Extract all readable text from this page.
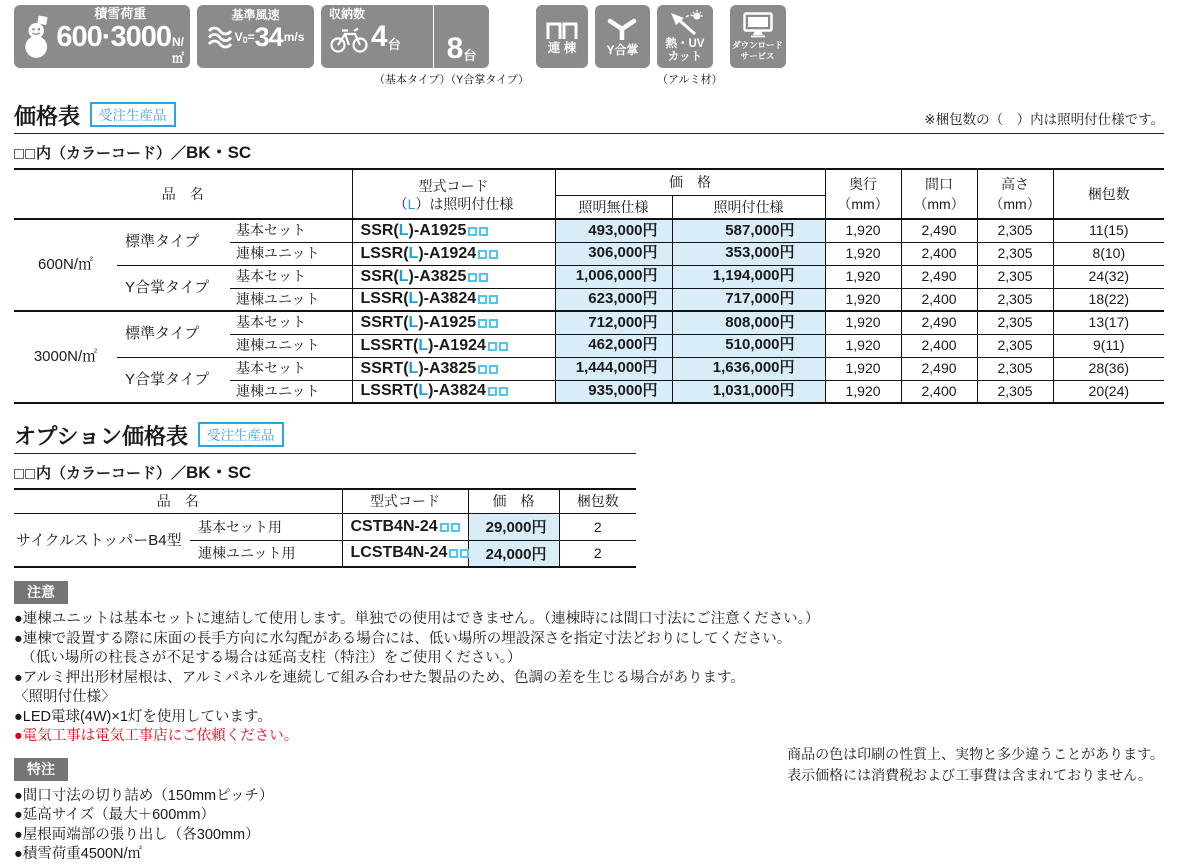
積雪荷重
600·3000 N/㎡
基準風速
V 0 = 34 m/s
収納数
4 台 8 台
（基本タイプ）（Y合掌タイプ）
連 棟	Y合掌 熱・UV
カット
（アルミ材）
ダウンロード
サービス
価格表	受注生産品	※梱包数の（　）内は照明付仕様です。
内（カラーコード）／BK・SC
品　名	
型式コード
（L）は照明付仕様
	価　格	奥行
（mm）

間口
（mm）

高さ
（mm）
	梱包数
				照明無仕様	照明付仕様				
600N/㎡	標準タイプ	基本セット	SSR(L)-A1925	493,000円	587,000円	1,920	2,490	2,305	11(15)
		連棟ユニット	LSSR(L)-A1924	306,000円	353,000円	1,920	2,400	2,305	8(10)
	Y合掌タイプ	基本セット	SSR(L)-A3825	1,006,000円	1,194,000円	1,920	2,490	2,305	24(32)
		連棟ユニット	LSSR(L)-A3824	623,000円	717,000円	1,920	2,400	2,305	18(22)
3000N/㎡	標準タイプ	基本セット	SSRT(L)-A1925	712,000円	808,000円	1,920	2,490	2,305	13(17)
		連棟ユニット	LSSRT(L)-A1924	462,000円	510,000円	1,920	2,400	2,305	9(11)
	Y合掌タイプ	基本セット	SSRT(L)-A3825	1,444,000円	1,636,000円	1,920	2,490	2,305	28(36)
		連棟ユニット	LSSRT(L)-A3824	935,000円	1,031,000円	1,920	2,400	2,305	20(24)
オプション価格表	受注生産品
内（カラーコード）／BK・SC
品　名		型式コード	価　格	梱包数
サイクルストッパーB4型	基本セット用	CSTB4N-24	29,000円	2
	連棟ユニット用	LCSTB4N-24	24,000円	2
注意
●連棟ユニットは基本セットに連結して使用します。単独での使用はできません。（連棟時には間口寸法にご注意ください。）
●連棟で設置する際に床面の長手方向に水勾配がある場合には、低い場所の埋設深さを指定寸法どおりにしてください。
　（低い場所の柱長さが不足する場合は延高支柱（特注）をご使用ください。）
●アルミ押出形材屋根は、アルミパネルを連続して組み合わせた製品のため、色調の差を生じる場合があります。
〈照明付仕様〉
●LED電球(4W)×1灯を使用しています。
●電気工事は電気工事店にご依頼ください。
特注
●間口寸法の切り詰め（150mmピッチ）
●延高サイズ（最大＋600mm）
●屋根両端部の張り出し（各300mm）
●積雪荷重4500N/㎡
商品の色は印刷の性質上、実物と多少違うことがあります。
表示価格には消費税および工事費は含まれておりません。
